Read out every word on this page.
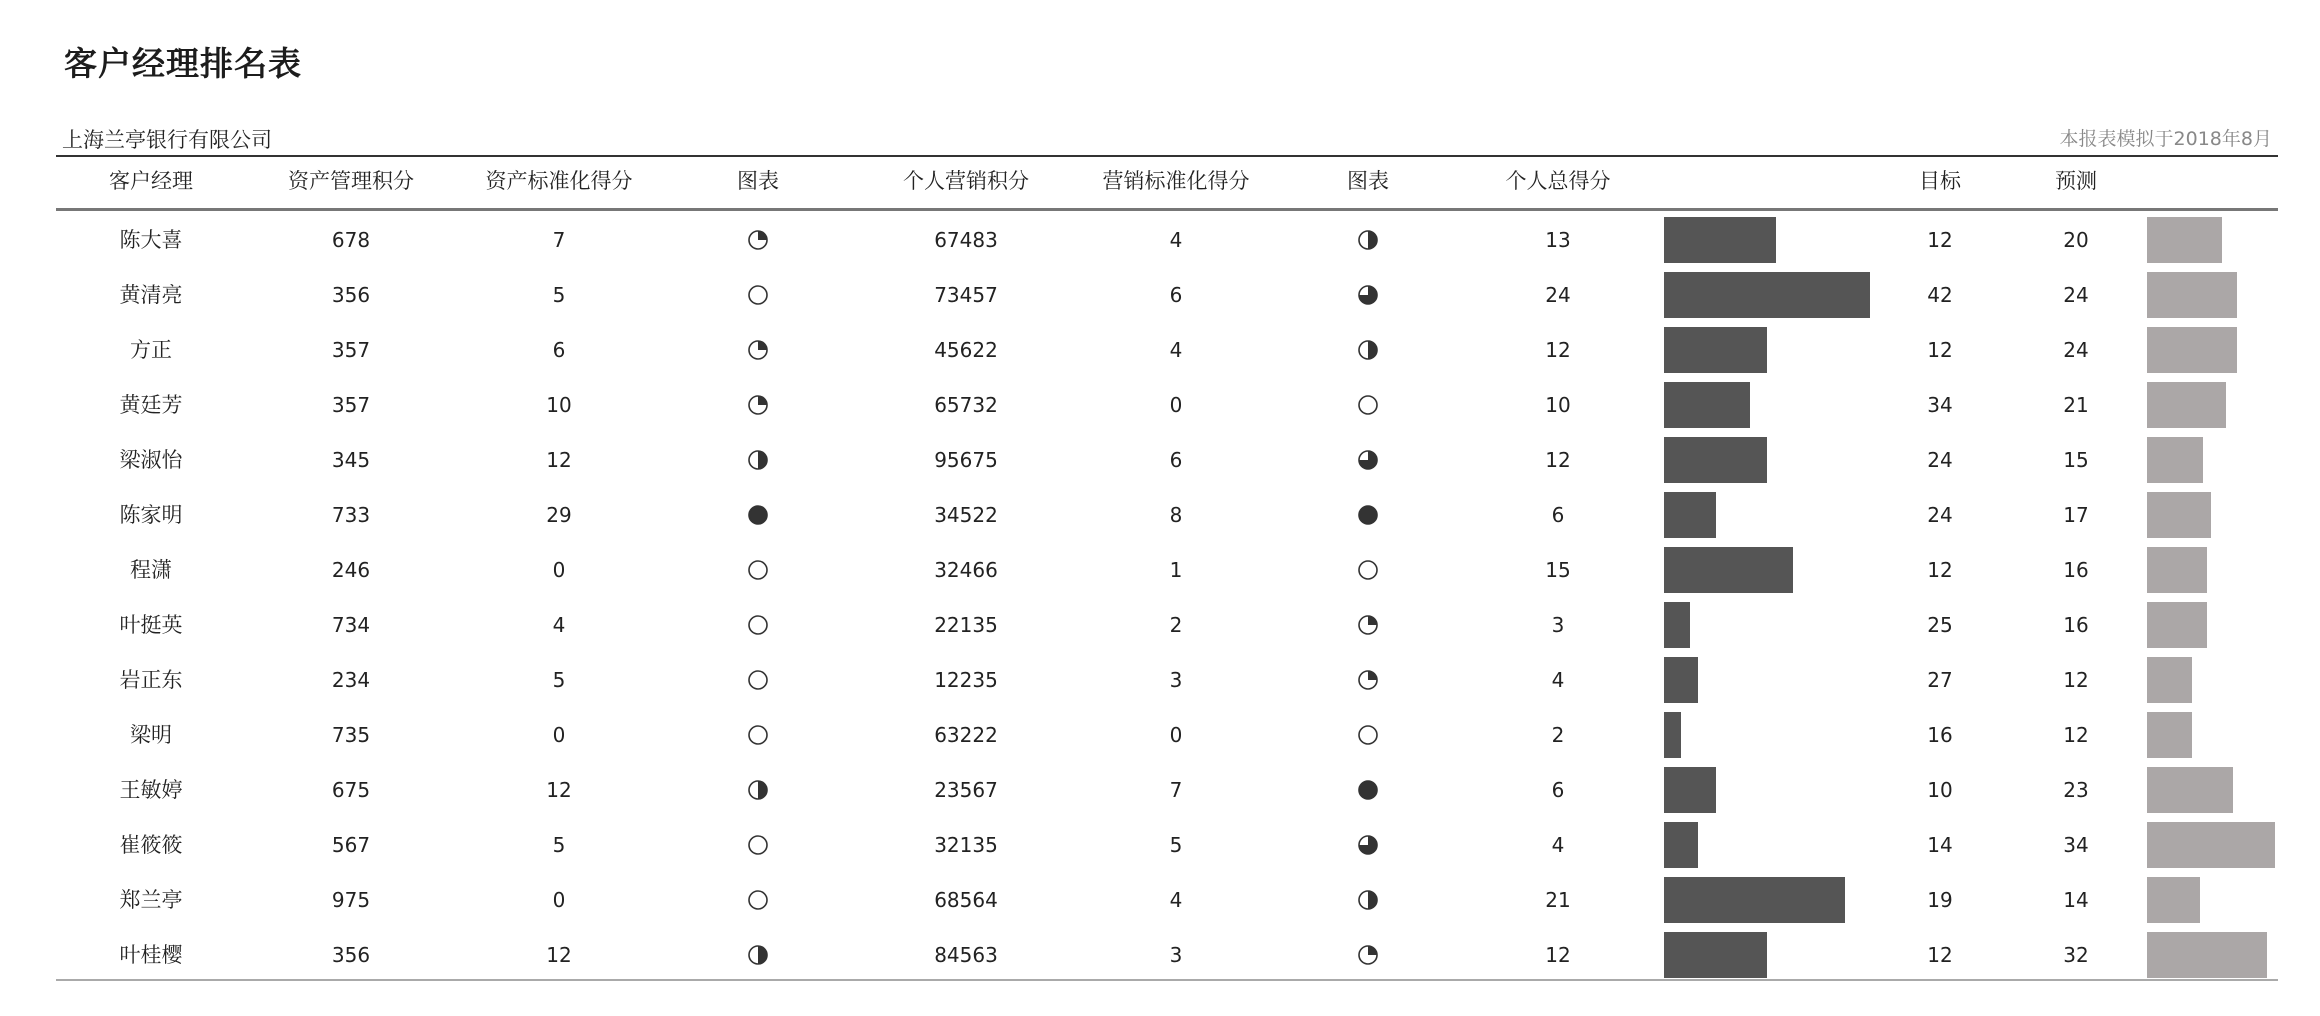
客户经理排名表
上海兰亭银行有限公司	本报表模拟于2018年8月
客户经理	资产管理积分	资产标准化得分	图表	个人营销积分	营销标准化得分	图表	个人总得分	目标	预测
陈大喜	678	7	67483	4	13	12	20
黄清亮	356	5	73457	6	24	42	24
方正	357	6	45622	4	12	12	24
黄廷芳	357	10	65732	0	10	34	21
梁淑怡	345	12	95675	6	12	24	15
陈家明	733	29	34522	8	6	24	17
程潇	246	0	32466	1	15	12	16
叶挺英	734	4	22135	2	3	25	16
岩正东	234	5	12235	3	4	27	12
梁明	735	0	63222	0	2	16	12
王敏婷	675	12	23567	7	6	10	23
崔筱筱	567	5	32135	5	4	14	34
郑兰亭	975	0	68564	4	21	19	14
叶桂樱	356	12	84563	3	12	12	32
